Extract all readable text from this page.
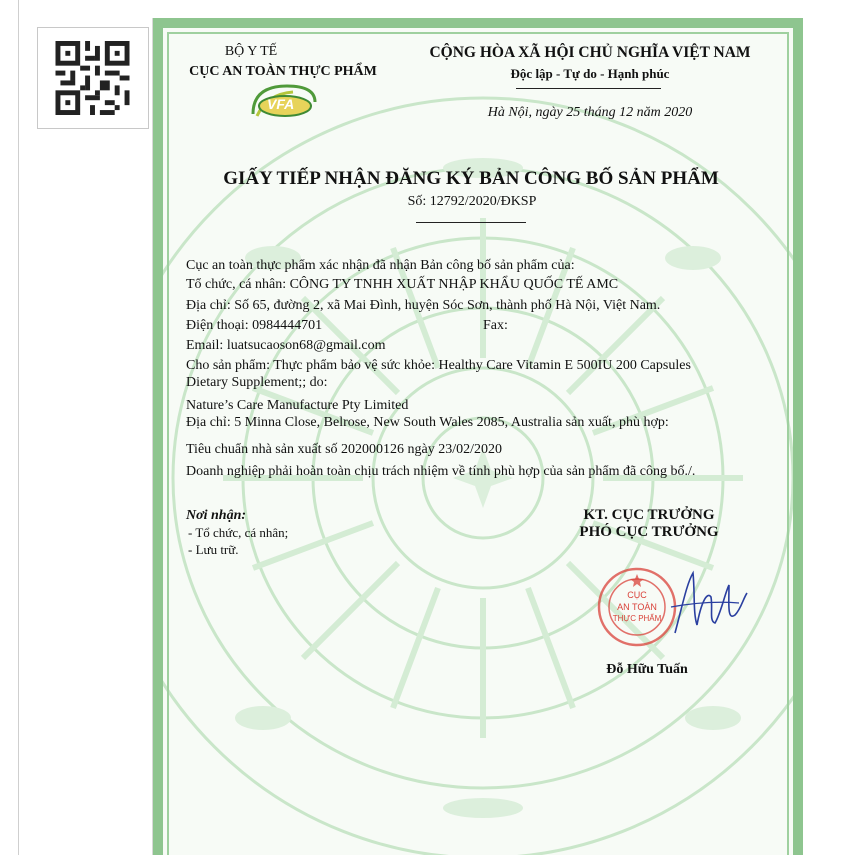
BỘ Y TẾ
CỤC AN TOÀN THỰC PHẨM
VFA
CỘNG HÒA XÃ HỘI CHỦ NGHĨA VIỆT NAM
Độc lập - Tự do - Hạnh phúc
Hà Nội, ngày 25 tháng 12 năm 2020
GIẤY TIẾP NHẬN ĐĂNG KÝ BẢN CÔNG BỐ SẢN PHẨM
Số: 12792/2020/ĐKSP
Cục an toàn thực phẩm xác nhận đã nhận Bản công bố sản phẩm của:
Tổ chức, cá nhân: CÔNG TY TNHH XUẤT NHẬP KHẨU QUỐC TẾ AMC
Địa chỉ: Số 65, đường 2, xã Mai Đình, huyện Sóc Sơn, thành phố Hà Nội, Việt Nam.
Điện thoại: 0984444701	Fax:
Email: luatsucaoson68@gmail.com
Cho sản phẩm: Thực phẩm bảo vệ sức khỏe: Healthy Care Vitamin E 500IU 200 Capsules
Dietary Supplement;; do:
Nature’s Care Manufacture Pty Limited
Địa chỉ: 5 Minna Close, Belrose, New South Wales 2085, Australia sản xuất, phù hợp:
Tiêu chuẩn nhà sản xuất số 202000126 ngày 23/02/2020
Doanh nghiệp phải hoàn toàn chịu trách nhiệm về tính phù hợp của sản phẩm đã công bố./.
Nơi nhận:
- Tổ chức, cá nhân;
- Lưu trữ.
KT. CỤC TRƯỞNG
PHÓ CỤC TRƯỞNG
CỤC
AN TOÀN
THỰC PHẨM
Đỗ Hữu Tuấn
